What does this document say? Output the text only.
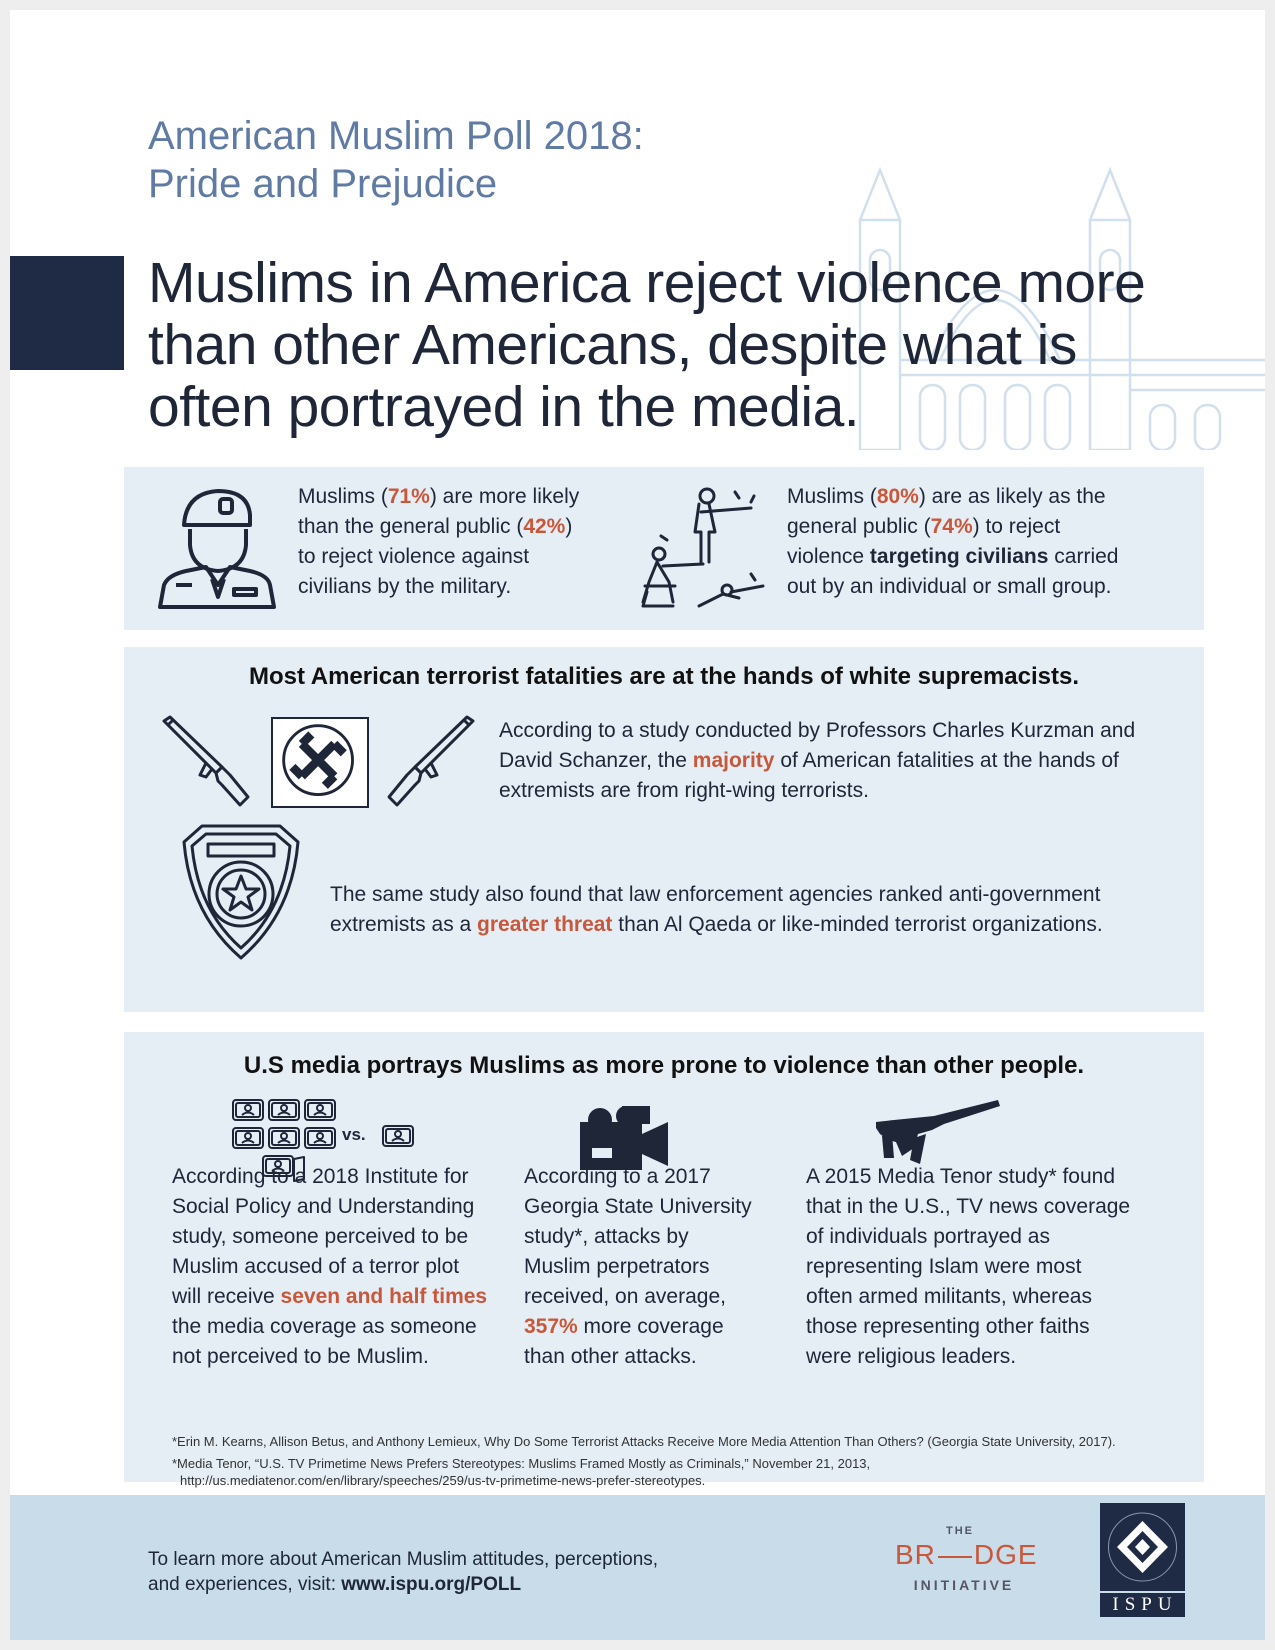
American Muslim Poll 2018:
Pride and Prejudice
Muslims in America reject violence more
than other Americans, despite what is
often portrayed in the media.
Muslims (71%) are more likely
than the general public (42%)
to reject violence against
civilians by the military.
Muslims (80%) are as likely as the
general public (74%) to reject
violence targeting civilians carried
out by an individual or small group.
Most American terrorist fatalities are at the hands of white supremacists.
According to a study conducted by Professors Charles Kurzman and
David Schanzer, the majority of American fatalities at the hands of
extremists are from right-wing terrorists.
The same study also found that law enforcement agencies ranked anti-government
extremists as a greater threat than Al Qaeda or like-minded terrorist organizations.
U.S media portrays Muslims as more prone to violence than other people.
vs.
According to a 2018 Institute for
Social Policy and Understanding
study, someone perceived to be
Muslim accused of a terror plot
will receive seven and half times
the media coverage as someone
not perceived to be Muslim.
According to a 2017
Georgia State University
study*, attacks by
Muslim perpetrators
received, on average,
357% more coverage
than other attacks.
A 2015 Media Tenor study* found
that in the U.S., TV news coverage
of individuals portrayed as
representing Islam were most
often armed militants, whereas
those representing other faiths
were religious leaders.
*Erin M. Kearns, Allison Betus, and Anthony Lemieux, Why Do Some Terrorist Attacks Receive More Media Attention Than Others? (Georgia State University, 2017).
*Media Tenor, “U.S. TV Primetime News Prefers Stereotypes: Muslims Framed Mostly as Criminals,” November 21, 2013,
http://us.mediatenor.com/en/library/speeches/259/us-tv-primetime-news-prefer-stereotypes.
To learn more about American Muslim attitudes, perceptions,
and experiences, visit: www.ispu.org/POLL
THE
BR DGE
INITIATIVE
ISPU
